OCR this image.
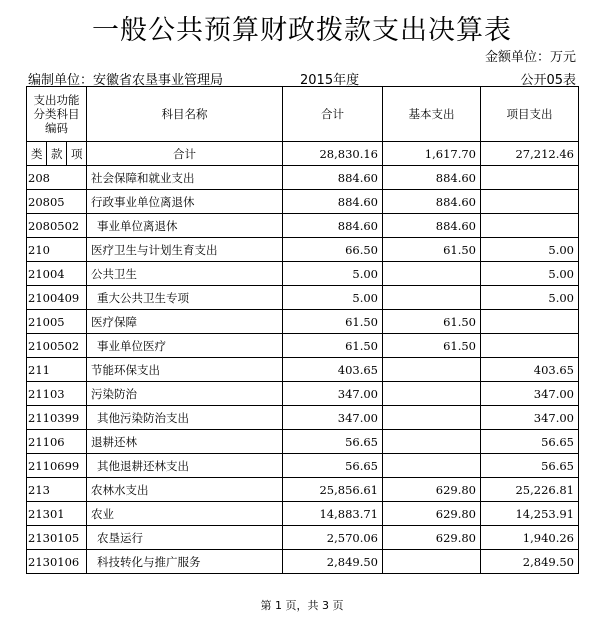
一般公共预算财政拨款支出决算表
金额单位：万元
编制单位：安徽省农垦事业管理局	2015年度	公开05表
支出功能分类科目编码			科目名称	合计	基本支出	项目支出
类	款	项	合计	28,830.16	1,617.70	27,212.46
208			社会保障和就业支出	884.60	884.60	
20805			行政事业单位离退休	884.60	884.60	
2080502			事业单位离退休	884.60	884.60	
210			医疗卫生与计划生育支出	66.50	61.50	5.00
21004			公共卫生	5.00		5.00
2100409			重大公共卫生专项	5.00		5.00
21005			医疗保障	61.50	61.50	
2100502			事业单位医疗	61.50	61.50	
211			节能环保支出	403.65		403.65
21103			污染防治	347.00		347.00
2110399			其他污染防治支出	347.00		347.00
21106			退耕还林	56.65		56.65
2110699			其他退耕还林支出	56.65		56.65
213			农林水支出	25,856.61	629.80	25,226.81
21301			农业	14,883.71	629.80	14,253.91
2130105			农垦运行	2,570.06	629.80	1,940.26
2130106			科技转化与推广服务	2,849.50		2,849.50
第 1 页，共 3 页
